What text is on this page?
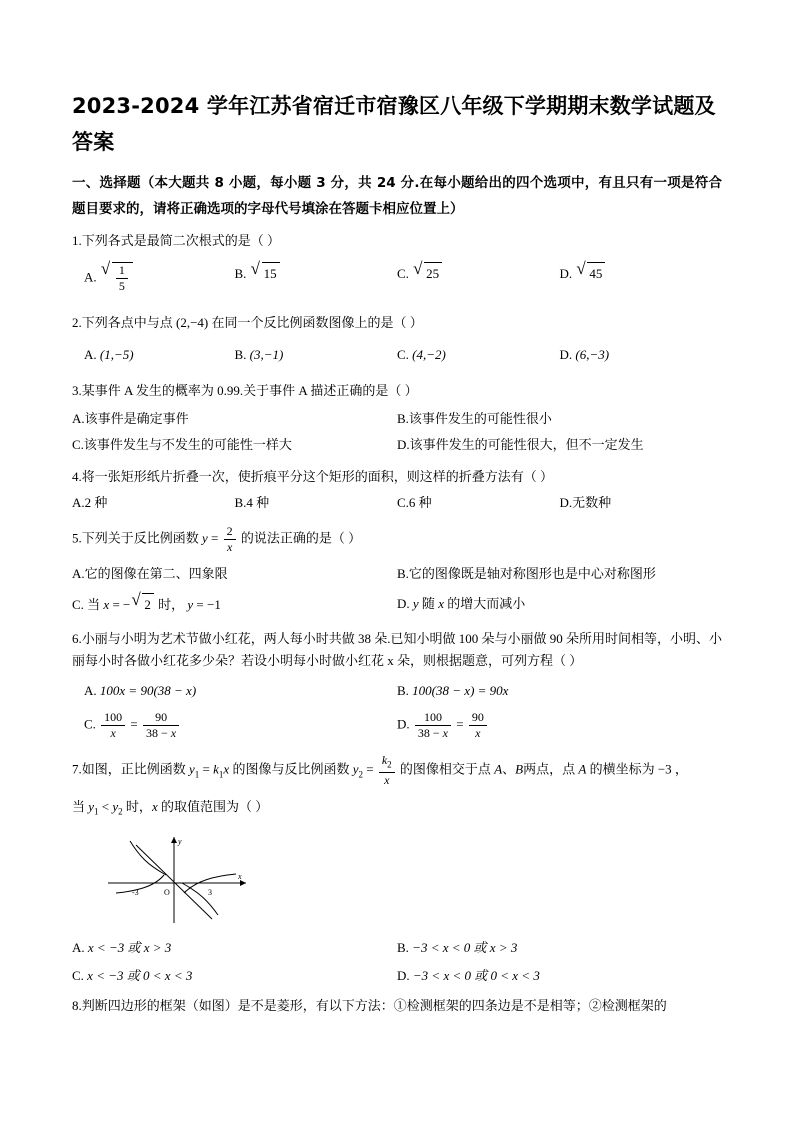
2023-2024 学年江苏省宿迁市宿豫区八年级下学期期末数学试题及答案
一、选择题（本大题共 8 小题，每小题 3 分，共 24 分.在每小题给出的四个选项中，有且只有一项是符合题目要求的，请将正确选项的字母代号填涂在答题卡相应位置上）
1.下列各式是最简二次根式的是（ ）
A. √ $\frac{1}{5}$	B. √ 15	C. √ 25	D. √ 45
2.下列各点中与点 (2,−4) 在同一个反比例函数图像上的是（ ）
A. (1,−5)	B. (3,−1)	C. (4,−2)	D. (6,−3)
3.某事件 A 发生的概率为 0.99.关于事件 A 描述正确的是（ ）
A.该事件是确定事件	B.该事件发生的可能性很小
C.该事件发生与不发生的可能性一样大	D.该事件发生的可能性很大，但不一定发生
4.将一张矩形纸片折叠一次，使折痕平分这个矩形的面积，则这样的折叠方法有（ ）
A.2 种	B.4 种	C.6 种	D.无数种
5.下列关于反比例函数 $y = \frac{2}{x}$ 的说法正确的是（ ）
A.它的图像在第二、四象限	B.它的图像既是轴对称图形也是中心对称图形
C. 当 x = − √ 2 时， y = −1	D. y 随 x 的增大而减小
6.小丽与小明为艺术节做小红花，两人每小时共做 38 朵.已知小明做 100 朵与小丽做 90 朵所用时间相等，小明、小丽每小时各做小红花多少朵？若设小明每小时做小红花 x 朵，则根据题意，可列方程（ ）
A. 100x = 90(38 − x)	B. 100(38 − x) = 90x
C. $\frac{100}{x} = \frac{90}{38 - x}$	D. $\frac{100}{38 - x} = \frac{90}{x}$
7.如图，正比例函数 $y_1 = k_1x$ 的图像与反比例函数 $y_2 = \frac{k_2}{x}$ 的图像相交于点 A、B两点，点 A 的横坐标为 −3 ，
当 $y_1 < y_2$ 时，x 的取值范围为（ ）
-3	O	3
y
x
A. x < −3 或 x > 3	B. −3 < x < 0 或 x > 3
C. x < −3 或 0 < x < 3	D. −3 < x < 0 或 0 < x < 3
8.判断四边形的框架（如图）是不是菱形，有以下方法：①检测框架的四条边是不是相等；②检测框架的
